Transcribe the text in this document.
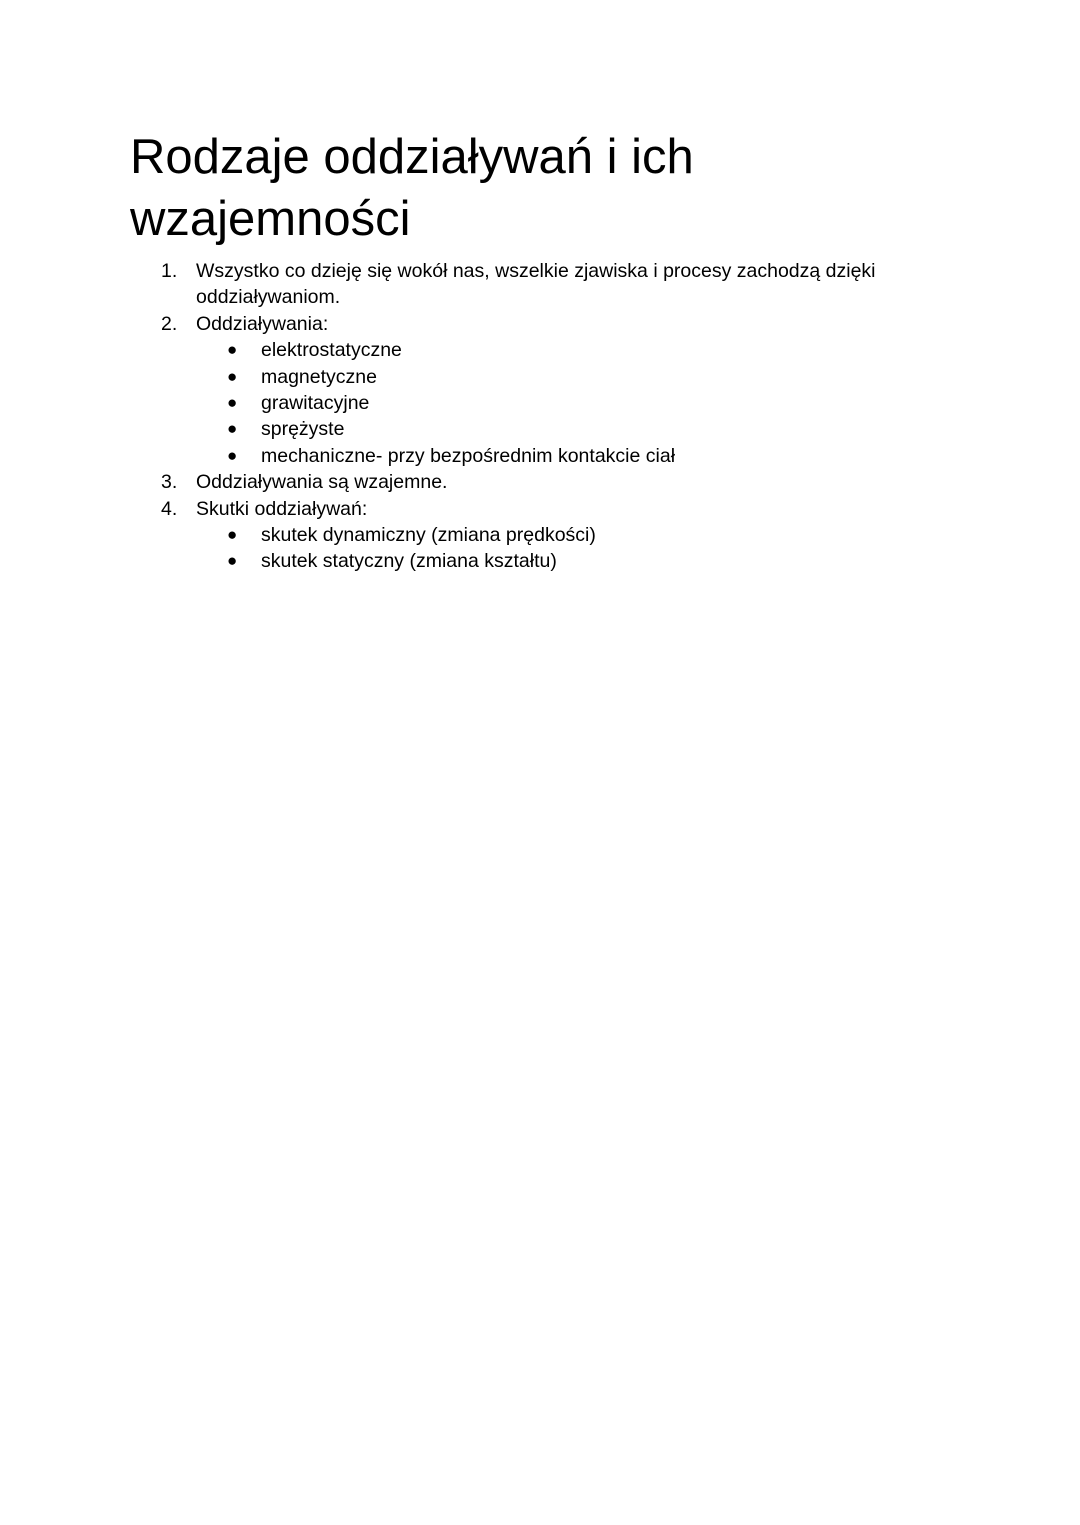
Rodzaje oddziaływań i ich wzajemności
1. Wszystko co dzieję się wokół nas, wszelkie zjawiska i procesy zachodzą dzięki oddziaływaniom.
2. Oddziaływania:
● elektrostatyczne
● magnetyczne
● grawitacyjne
● sprężyste
● mechaniczne- przy bezpośrednim kontakcie ciał
3. Oddziaływania są wzajemne.
4. Skutki oddziaływań:
● skutek dynamiczny (zmiana prędkości)
● skutek statyczny (zmiana kształtu)
